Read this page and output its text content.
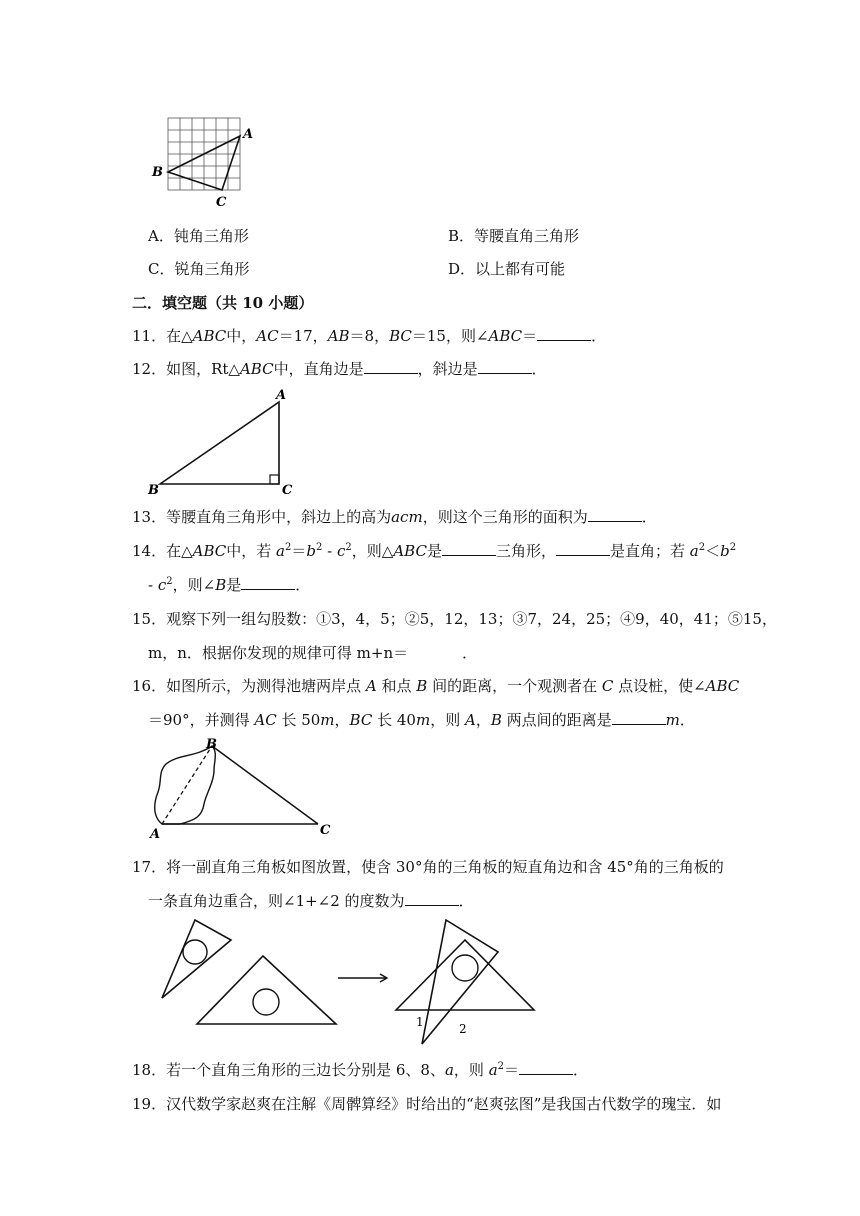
B
A
C
A．钝角三角形	B．等腰直角三角形
C．锐角三角形	D．以上都有可能
二．填空题（共 10 小题）
11．在△ABC中，AC＝17，AB＝8，BC＝15，则∠ABC＝	．
12．如图，Rt△ABC中，直角边是	，斜边是	．
A
B	C
13．等腰直角三角形中，斜边上的高为acm，则这个三角形的面积为	．
14．在△ABC中，若 $a^2=b^2 - c^2$，则△ABC是	三角形，	是直角；若 $a^2<b^2$
- $c^2$，则∠B是	．
15．观察下列一组勾股数：①3，4，5；②5，12，13；③7，24，25；④9，40，41；⑤15，
m，n．根据你发现的规律可得 m+n＝	．
16．如图所示，为测得池塘两岸点 A 和点 B 间的距离，一个观测者在 C 点设桩，使∠ABC
＝90°，并测得 AC 长 50m，BC 长 40m，则 A，B 两点间的距离是	m．
B
A	C
17．将一副直角三角板如图放置，使含 30°角的三角板的短直角边和含 45°角的三角板的
一条直角边重合，则∠1+∠2 的度数为	．
1	2
18．若一个直角三角形的三边长分别是 6、8、a，则 $a^2=$	．
19．汉代数学家赵爽在注解《周髀算经》时给出的“赵爽弦图”是我国古代数学的瑰宝．如
